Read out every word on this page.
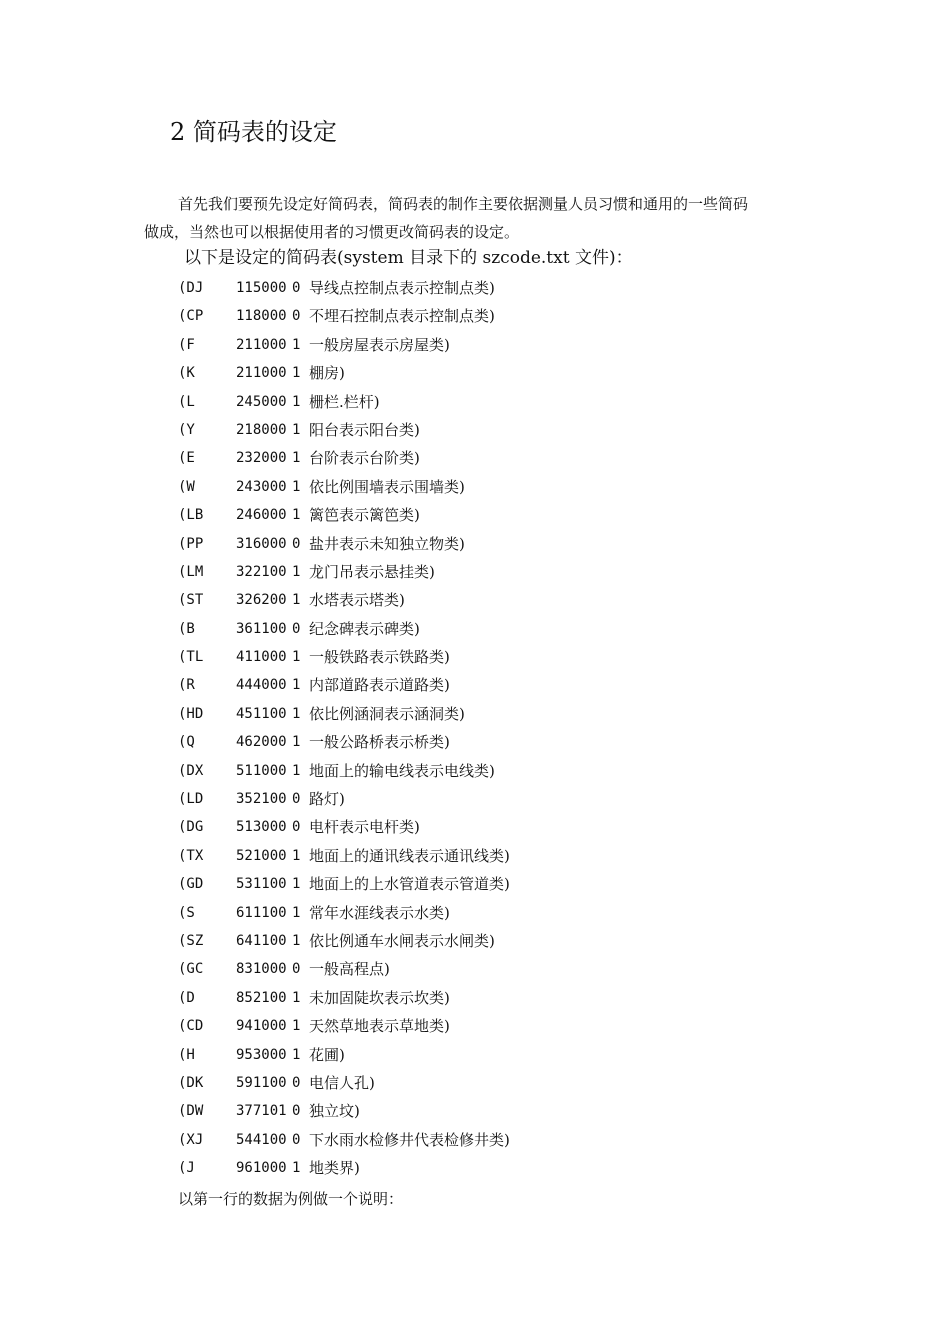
2 简码表的设定
首先我们要预先设定好简码表，简码表的制作主要依据测量人员习惯和通用的一些简码
做成，当然也可以根据使用者的习惯更改简码表的设定。
以下是设定的简码表(system 目录下的 szcode.txt 文件)：
(DJ 115000 0 导线点控制点表示控制点类)
(CP 118000 0 不埋石控制点表示控制点类)
(F	211000 1 一般房屋表示房屋类)
(K	211000 1 棚房)
(L	245000 1 栅栏.栏杆)
(Y	218000 1 阳台表示阳台类)
(E	232000 1 台阶表示台阶类)
(W	243000 1 依比例围墙表示围墙类)
(LB 246000 1 篱笆表示篱笆类)
(PP 316000 0 盐井表示未知独立物类)
(LM 322100 1 龙门吊表示悬挂类)
(ST 326200 1 水塔表示塔类)
(B	361100 0 纪念碑表示碑类)
(TL 411000 1 一般铁路表示铁路类)
(R	444000 1 内部道路表示道路类)
(HD 451100 1 依比例涵洞表示涵洞类)
(Q	462000 1 一般公路桥表示桥类)
(DX 511000 1 地面上的输电线表示电线类)
(LD 352100 0 路灯)
(DG 513000 0 电杆表示电杆类)
(TX 521000 1 地面上的通讯线表示通讯线类)
(GD 531100 1 地面上的上水管道表示管道类)
(S	611100 1 常年水涯线表示水类)
(SZ 641100 1 依比例通车水闸表示水闸类)
(GC 831000 0 一般高程点)
(D	852100 1 未加固陡坎表示坎类)
(CD 941000 1 天然草地表示草地类)
(H	953000 1 花圃)
(DK 591100 0 电信人孔)
(DW 377101 0 独立坟)
(XJ 544100 0 下水雨水检修井代表检修井类)
(J	961000 1 地类界)
以第一行的数据为例做一个说明：
